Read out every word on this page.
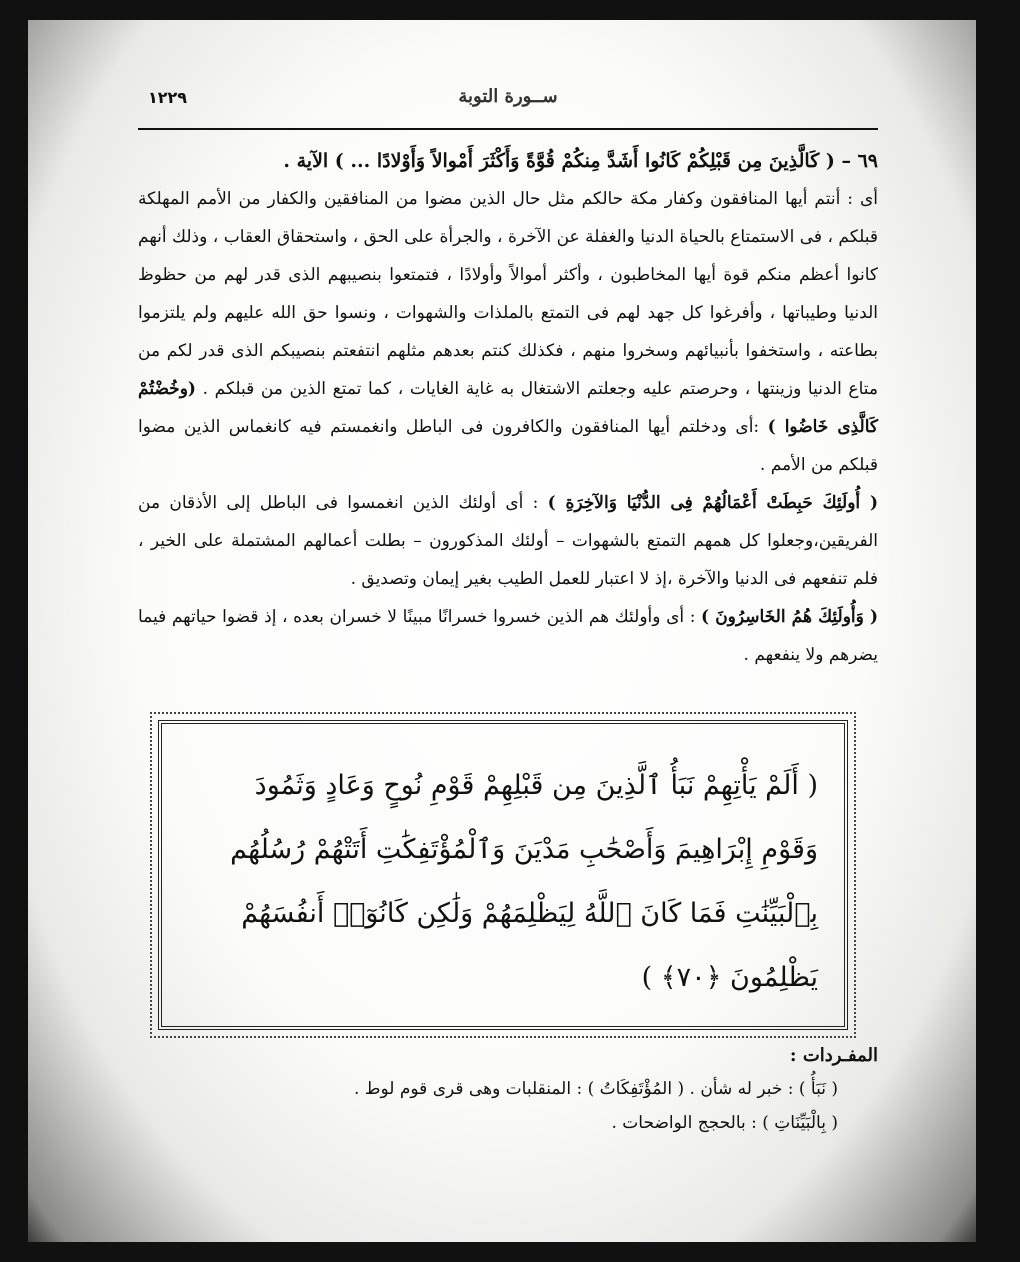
١٢٢٩	ســورة التوبة

٦٩ – ( كَالَّذِينَ مِن قَبْلِكُمْ كَانُوا أَشَدَّ مِنكُمْ قُوَّةً وَأَكْثَرَ أَمْوالاً وَأَوْلادًا ... ) الآية .

أى : أنتم أيها المنافقون وكفار مكة حالكم مثل حال الذين مضوا من المنافقين والكفار من الأمم المهلكة قبلكم ، فى الاستمتاع بالحياة الدنيا والغفلة عن الآخرة ، والجرأة على الحق ، واستحقاق العقاب ، وذلك أنهم كانوا أعظم منكم قوة أيها المخاطبون ، وأكثر أموالاً وأولادًا ، فتمتعوا بنصيبهم الذى قدر لهم من حظوظ الدنيا وطيباتها ، وأفرغوا كل جهد لهم فى التمتع بالملذات والشهوات ، ونسوا حق الله عليهم ولم يلتزموا بطاعته ، واستخفوا بأنبيائهم وسخروا منهم ، فكذلك كنتم بعدهم مثلهم انتفعتم بنصيبكم الذى قدر لكم من متاع الدنيا وزينتها ، وحرصتم عليه وجعلتم الاشتغال به غاية الغايات ، كما تمتع الذين من قبلكم . (وخُضْتُمْ كَالَّذِى خَاضُوا ) :أى ودخلتم أيها المنافقون والكافرون فى الباطل وانغمستم فيه كانغماس الذين مضوا قبلكم من الأمم .

( أُولَئِكَ حَبِطَتْ أَعْمَالُهُمْ فِى الدُّنْيَا وَالآخِرَةِ ) : أى أولئك الذين انغمسوا فى الباطل إلى الأذقان من الفريقين،وجعلوا كل همهم التمتع بالشهوات – أولئك المذكورون – بطلت أعمالهم المشتملة على الخير ، فلم تنفعهم فى الدنيا والآخرة ،إذ لا اعتبار للعمل الطيب بغير إيمان وتصديق .

( وَأُولَئِكَ هُمُ الخَاسِرُونَ ) : أى وأولئك هم الذين خسروا خسرانًا مبينًا لا خسران بعده ، إذ قضوا حياتهم فيما يضرهم ولا ينفعهم .

( أَلَمْ يَأْتِهِمْ نَبَأُ ٱلَّذِينَ مِن قَبْلِهِمْ قَوْمِ نُوحٍ وَعَادٍ وَثَمُودَ

وَقَوْمِ إِبْرَاهِيمَ وَأَصْحَٰبِ مَدْيَنَ وَٱلْمُؤْتَفِكَٰتِ أَتَتْهُمْ رُسُلُهُم

بِٱلْبَيِّنَٰتِ فَمَا كَانَ ٱللَّهُ لِيَظْلِمَهُمْ وَلَٰكِن كَانُوٓا۟ أَنفُسَهُمْ

يَظْلِمُونَ ﴿٧٠﴾ )

المفـردات :

( نَبَأُ ) : خبر له شأن . ( المُؤْتَفِكَاتُ ) : المنقلبات وهى قرى قوم لوط .

( بِالْبَيِّنَاتِ ) : بالحجج الواضحات .
